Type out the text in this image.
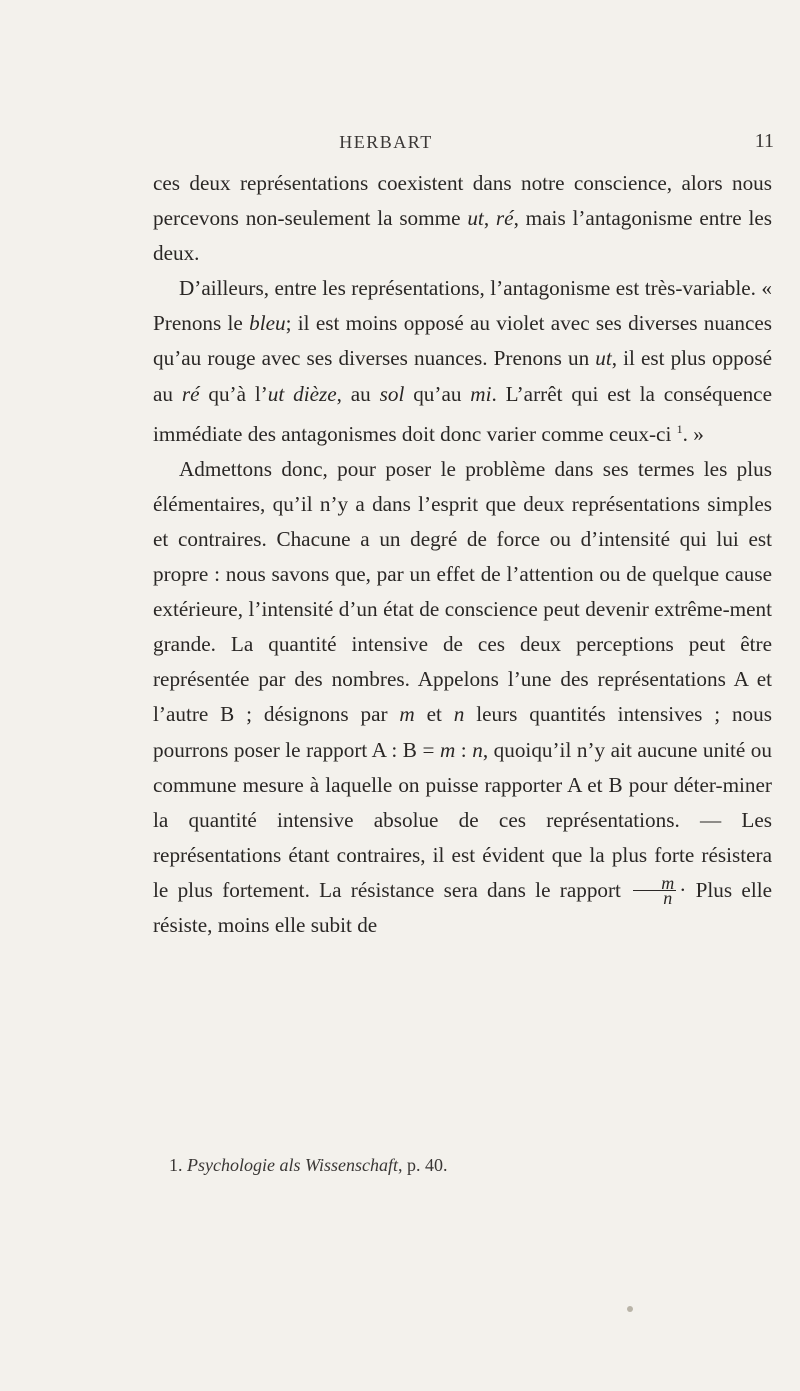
HERBART	11

ces deux représentations coexistent dans notre conscience, alors nous percevons non-seulement la somme ut, ré, mais l’antagonisme entre les deux.

D’ailleurs, entre les représentations, l’antagonisme est très-variable. « Prenons le bleu; il est moins opposé au violet avec ses diverses nuances qu’au rouge avec ses diverses nuances. Prenons un ut, il est plus opposé au ré qu’à l’ut dièze, au sol qu’au mi. L’arrêt qui est la conséquence immédiate des antagonismes doit donc varier comme ceux-ci $^1$. »

Admettons donc, pour poser le problème dans ses termes les plus élémentaires, qu’il n’y a dans l’esprit que deux représentations simples et contraires. Chacune a un degré de force ou d’intensité qui lui est propre : nous savons que, par un effet de l’attention ou de quelque cause extérieure, l’intensité d’un état de conscience peut devenir extrême-ment grande. La quantité intensive de ces deux perceptions peut être représentée par des nombres. Appelons l’une des représentations A et l’autre B ; désignons par m et n leurs quantités intensives ; nous pourrons poser le rapport A : B = m : n, quoiqu’il n’y ait aucune unité ou commune mesure à laquelle on puisse rapporter A et B pour déter-miner la quantité intensive absolue de ces représentations. — Les représentations étant contraires, il est évident que la plus forte résistera le plus fortement. La résistance sera dans le rapport $\frac{m}{n}$ · Plus elle résiste, moins elle subit de

1. Psychologie als Wissenschaft, p. 40.
